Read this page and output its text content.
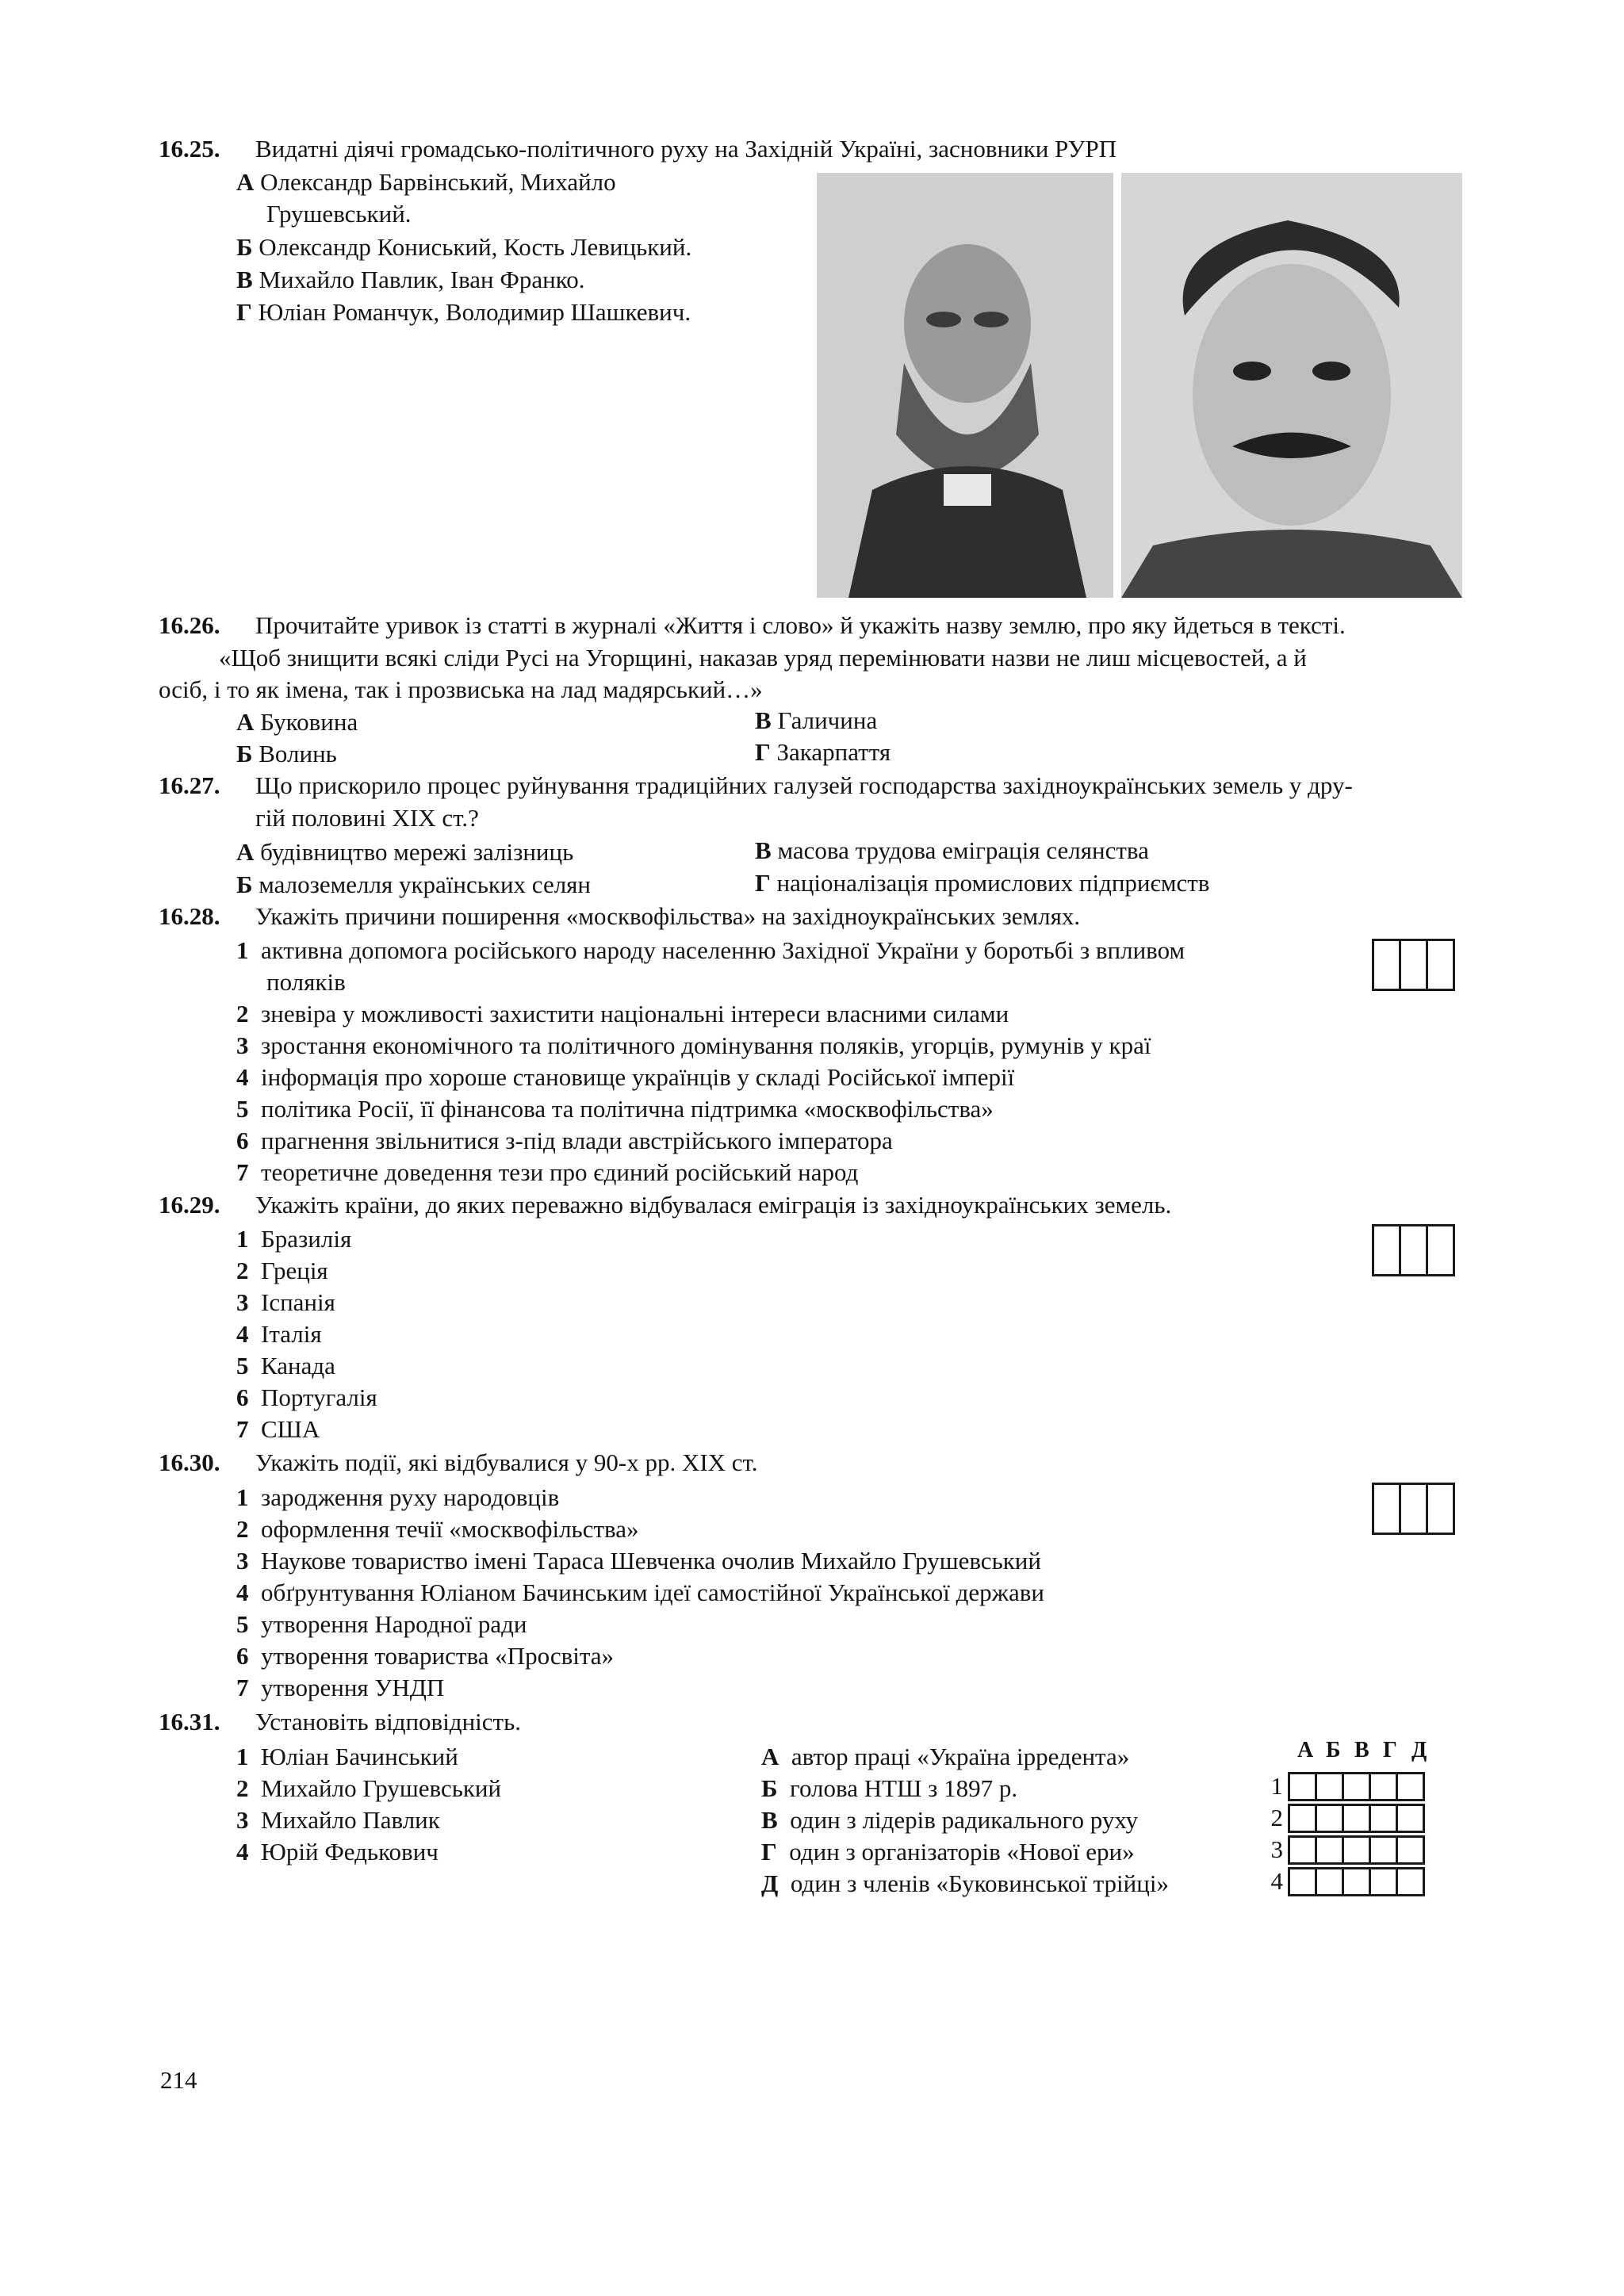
16.25. Видатні діячі громадсько-політичного руху на Західній Україні, засновники РУРП
А Олександр Барвінський, Михайло
Грушевський.
Б Олександр Кониський, Кость Левицький.
В Михайло Павлик, Іван Франко.
Г Юліан Романчук, Володимир Шашкевич.
16.26. Прочитайте уривок із статті в журналі «Життя і слово» й укажіть назву землю, про яку йдеться в тексті.
«Щоб знищити всякі сліди Русі на Угорщині, наказав уряд перемінювати назви не лиш місцевостей, а й
осіб, і то як імена, так і прозвиська на лад мадярський…»
А Буковина	В Галичина
Б Волинь	Г Закарпаття
16.27. Що прискорило процес руйнування традиційних галузей господарства західноукраїнських земель у дру-
гій половині XIX ст.?
А будівництво мережі залізниць	В масова трудова еміграція селянства
Б малоземелля українських селян	Г націоналізація промислових підприємств
16.28. Укажіть причини поширення «москвофільства» на західноукраїнських землях.
1 активна допомога російського народу населенню Західної України у боротьбі з впливом
поляків
2 зневіра у можливості захистити національні інтереси власними силами
3 зростання економічного та політичного домінування поляків, угорців, румунів у краї
4 інформація про хороше становище українців у складі Російської імперії
5 політика Росії, її фінансова та політична підтримка «москвофільства»
6 прагнення звільнитися з-під влади австрійського імператора
7 теоретичне доведення тези про єдиний російський народ
16.29. Укажіть країни, до яких переважно відбувалася еміграція із західноукраїнських земель.
1 Бразилія
2 Греція
3 Іспанія
4 Італія
5 Канада
6 Португалія
7 США
16.30. Укажіть події, які відбувалися у 90-х рр. XIX ст.
1 зародження руху народовців
2 оформлення течії «москвофільства»
3 Наукове товариство імені Тараса Шевченка очолив Михайло Грушевський
4 обґрунтування Юліаном Бачинським ідеї самостійної Української держави
5 утворення Народної ради
6 утворення товариства «Просвіта»
7 утворення УНДП
16.31. Установіть відповідність.
1 Юліан Бачинський
2 Михайло Грушевський
3 Михайло Павлик
4 Юрій Федькович
А автор праці «Україна ірредента»
Б голова НТШ з 1897 р.
В один з лідерів радикального руху
Г один з організаторів «Нової ери»
Д один з членів «Буковинської трійці»
А Б В Г Д
1
2
3
4
214
